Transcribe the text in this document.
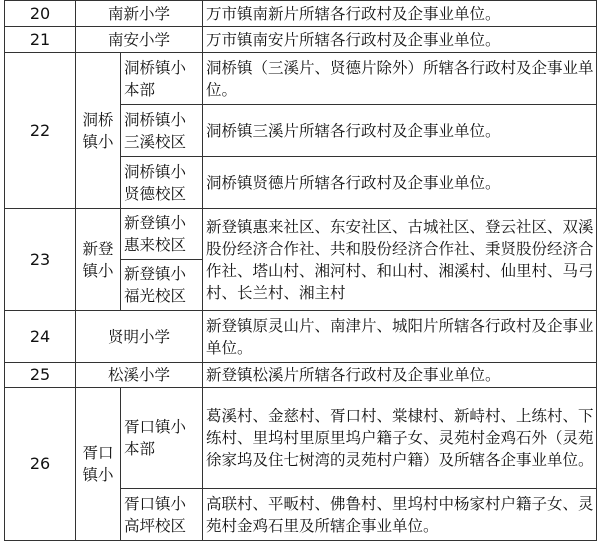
20	南新小学		万市镇南新片所辖各行政村及企事业单位。
21	南安小学		万市镇南安片所辖各行政村及企事业单位。
22	洞桥镇小	洞桥镇小本部	洞桥镇（三溪片、贤德片除外）所辖各行政村及企事业单位。
		洞桥镇小三溪校区	洞桥镇三溪片所辖各行政村及企事业单位。
		洞桥镇小贤德校区	洞桥镇贤德片所辖各行政村及企事业单位。
23	新登镇小	新登镇小惠来校区	新登镇惠来社区、东安社区、古城社区、登云社区、双溪股份经济合作社、共和股份经济合作社、秉贤股份经济合作社、塔山村、湘河村、和山村、湘溪村、仙里村、马弓村、长兰村、湘主村
		新登镇小福光校区	
24	贤明小学		新登镇原灵山片、南津片、城阳片所辖各行政村及企事业单位。
25	松溪小学		新登镇松溪片所辖各行政村及企事业单位。
26	胥口镇小	胥口镇小本部	葛溪村、金慈村、胥口村、棠棣村、新峙村、上练村、下练村、里坞村里原里坞户籍子女、灵苑村金鸡石外（灵苑徐家坞及住七树湾的灵苑村户籍）及所辖各企事业单位。
		胥口镇小高坪校区	高联村、平畈村、佛鲁村、里坞村中杨家村户籍子女、灵苑村金鸡石里及所辖企事业单位。
